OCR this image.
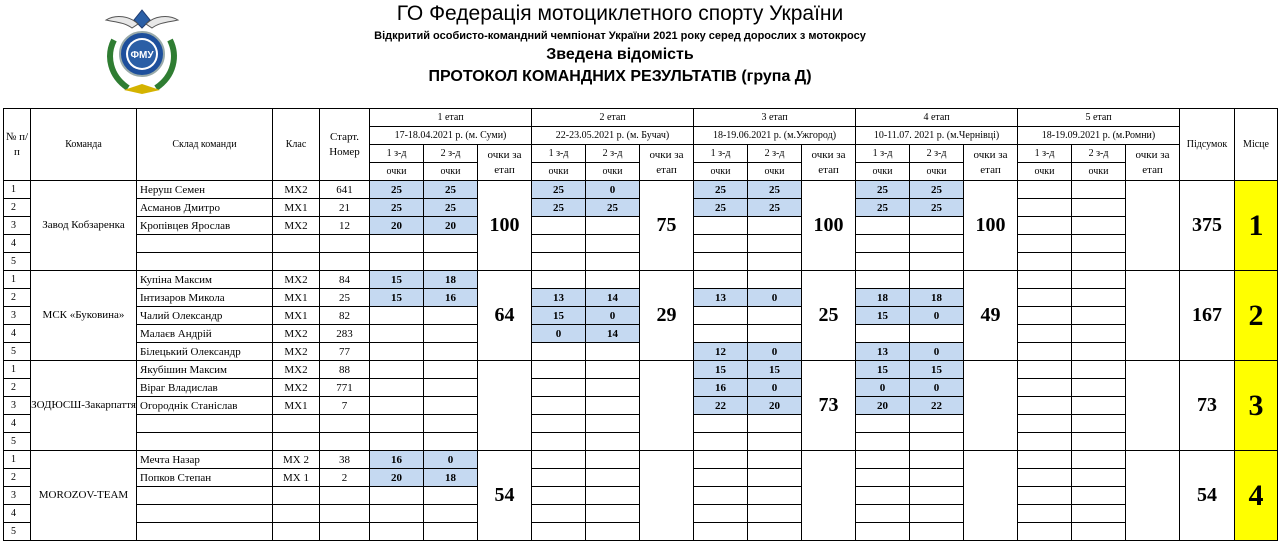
ФМУ
ГО Федерація мотоциклетного спорту України
Відкритий особисто-командний чемпіонат України 2021 року серед дорослих з мотокросу
Зведена відомість
ПРОТОКОЛ КОМАНДНИХ РЕЗУЛЬТАТІВ (група Д)
№ п/п	Команда	Склад команди	Клас	Старт. Номер	1 етап			2 етап			3 етап			4 етап			5 етап			Підсумок	Місце
					17-18.04.2021 р. (м. Суми)			22-23.05.2021 р. (м. Бучач)			18-19.06.2021 р. (м.Ужгород)			10-11.07. 2021 р. (м.Чернівці)			18-19.09.2021 р. (м.Ромни)				
					1 з-д	2 з-д	очки за етап	1 з-д	2 з-д	очки за етап	1 з-д	2 з-д	очки за етап	1 з-д	2 з-д	очки за етап	1 з-д	2 з-д	очки за етап		
					очки	очки		очки	очки		очки	очки		очки	очки		очки	очки			
1	Завод Кобзаренка	Неруш Семен	MX2	641	25	25	100	25	0	75	25	25	100	25	25	100				375	1
2		Асманов Дмитро	MX1	21	25	25		25	25		25	25		25	25						
3		Кропівцев Ярослав	MX2	12	20	20															
4																					
5																					
1	МСК «Буковина»	Купіна Максим	MX2	84	15	18	64			29			25			49				167	2
2		Інтизаров Микола	MX1	25	15	16		13	14		13	0		18	18						
3		Чалий Олександр	MX1	82				15	0					15	0						
4		Малаєв Андрій	MX2	283				0	14												
5		Білецький Олександр	MX2	77							12	0		13	0						
1	ЗОДЮСШ-Закарпаття	Якубішин Максим	MX2	88							15	15	73	15	15					73	3
2		Віраг Владислав	MX2	771							16	0		0	0						
3		Огороднік Станіслав	MX1	7							22	20		20	22						
4																					
5																					
1	MOROZOV-TEAM	Мечта Назар	MX 2	38	16	0	54													54	4
2		Попков Степан	MX 1	2	20	18															
3																					
4																					
5																					
